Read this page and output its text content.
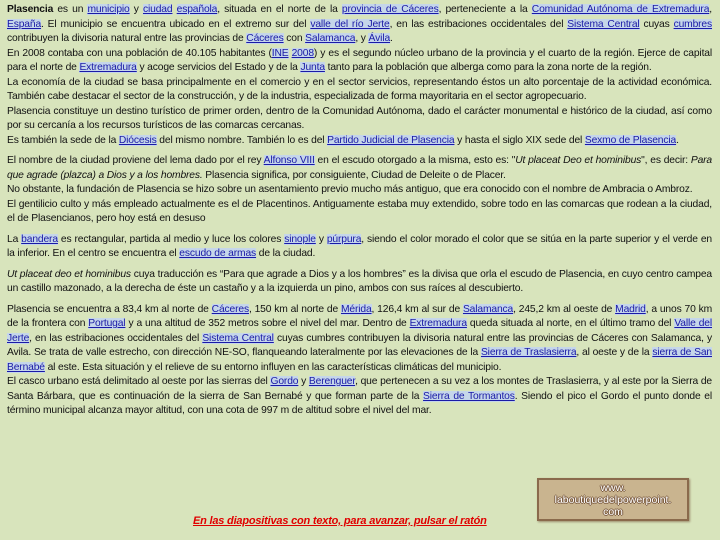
Plasencia es un municipio y ciudad española, situada en el norte de la provincia de Cáceres, perteneciente a la Comunidad Autónoma de Extremadura, España. El municipio se encuentra ubicado en el extremo sur del valle del río Jerte, en las estribaciones occidentales del Sistema Central cuyas cumbres contribuyen la divisoria natural entre las provincias de Cáceres con Salamanca, y Ávila.

En 2008 contaba con una población de 40.105 habitantes (INE 2008) y es el segundo núcleo urbano de la provincia y el cuarto de la región. Ejerce de capital para el norte de Extremadura y acoge servicios del Estado y de la Junta tanto para la población que alberga como para la zona norte de la región.

La economía de la ciudad se basa principalmente en el comercio y en el sector servicios, representando éstos un alto porcentaje de la actividad económica. También cabe destacar el sector de la construcción, y de la industria, especializada de forma mayoritaria en el sector agropecuario.

Plasencia constituye un destino turístico de primer orden, dentro de la Comunidad Autónoma, dado el carácter monumental e histórico de la ciudad, así como por su cercanía a los recursos turísticos de las comarcas cercanas.

Es también la sede de la Diócesis del mismo nombre. También lo es del Partido Judicial de Plasencia y hasta el siglo XIX sede del Sexmo de Plasencia.

El nombre de la ciudad proviene del lema dado por el rey Alfonso VIII en el escudo otorgado a la misma, esto es: "Ut placeat Deo et hominibus", es decir: Para que agrade (plazca) a Dios y a los hombres. Plasencia significa, por consiguiente, Ciudad de Deleite o de Placer.

No obstante, la fundación de Plasencia se hizo sobre un asentamiento previo mucho más antiguo, que era conocido con el nombre de Ambracia o Ambroz.

El gentilicio culto y más empleado actualmente es el de Placentinos. Antiguamente estaba muy extendido, sobre todo en las comarcas que rodean a la ciudad, el de Plasencianos, pero hoy está en desuso

La bandera es rectangular, partida al medio y luce los colores sinople y púrpura, siendo el color morado el color que se sitúa en la parte superior y el verde en la inferior. En el centro se encuentra el escudo de armas de la ciudad.

Ut placeat deo et hominibus cuya traducción es “Para que agrade a Dios y a los hombres” es la divisa que orla el escudo de Plasencia, en cuyo centro campea un castillo mazonado, a la derecha de éste un castaño y a la izquierda un pino, ambos con sus raíces al descubierto.

Plasencia se encuentra a 83,4 km al norte de Cáceres, 150 km al norte de Mérida, 126,4 km al sur de Salamanca, 245,2 km al oeste de Madrid, a unos 70 km de la frontera con Portugal y a una altitud de 352 metros sobre el nivel del mar. Dentro de Extremadura queda situada al norte, en el último tramo del Valle del Jerte, en las estribaciones occidentales del Sistema Central cuyas cumbres contribuyen la divisoria natural entre las provincias de Cáceres con Salamanca, y Avila. Se trata de valle estrecho, con dirección NE-SO, flanqueando lateralmente por las elevaciones de la Sierra de Traslasierra, al oeste y de la sierra de San Bernabé al este. Esta situación y el relieve de su entorno influyen en las características climáticas del municipio.

El casco urbano está delimitado al oeste por las sierras del Gordo y Berenguer, que pertenecen a su vez a los montes de Traslasierra, y al este por la Sierra de Santa Bárbara, que es continuación de la sierra de San Bernabé y que forman parte de la Sierra de Tormantos. Siendo el pico el Gordo el punto donde el término municipal alcanza mayor altitud, con una cota de 997 m de altitud sobre el nivel del mar.

En las diapositivas con texto, para avanzar, pulsar el ratón
www.
laboutiquedelpowerpoint.
com
